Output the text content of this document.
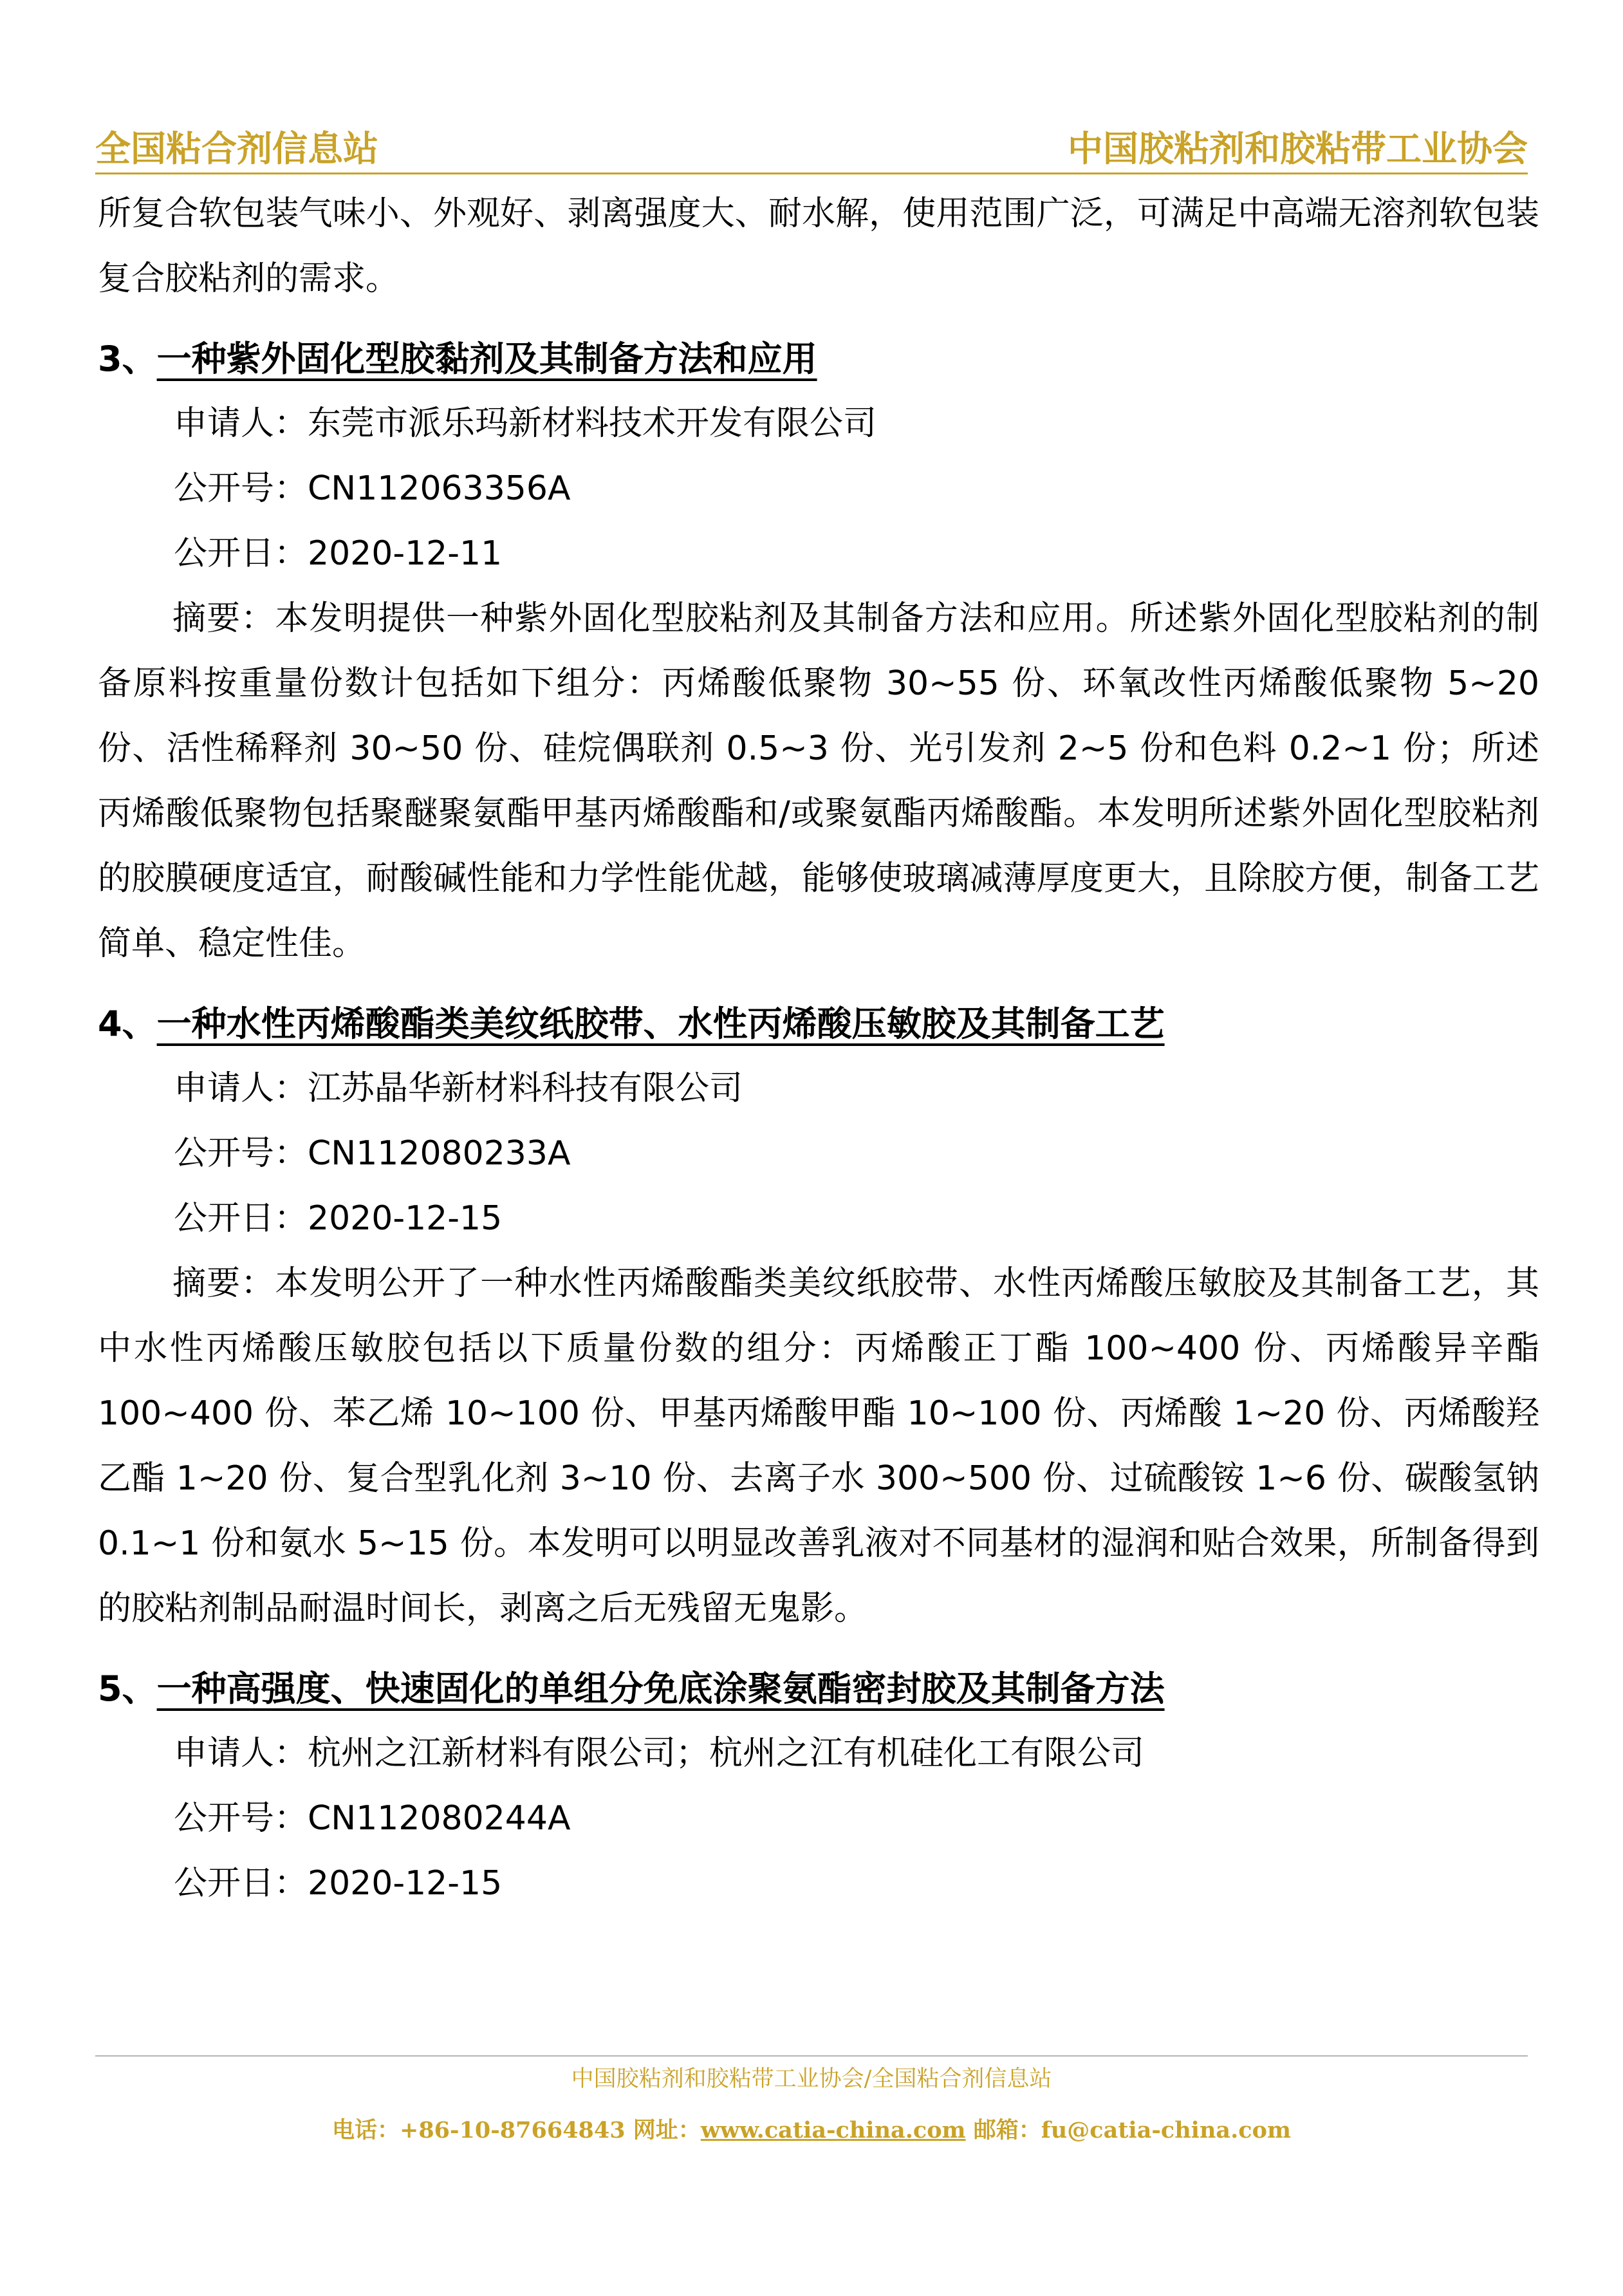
全国粘合剂信息站	中国胶粘剂和胶粘带工业协会

所复合软包装气味小、外观好、剥离强度大、耐水解，使用范围广泛，可满足中高端无溶剂软包装复合胶粘剂的需求。

3、一种紫外固化型胶黏剂及其制备方法和应用

申请人：东莞市派乐玛新材料技术开发有限公司

公开号：CN112063356A

公开日：2020-12-11

摘要：本发明提供一种紫外固化型胶粘剂及其制备方法和应用。所述紫外固化型胶粘剂的制备原料按重量份数计包括如下组分：丙烯酸低聚物 30~55 份、环氧改性丙烯酸低聚物 5~20 份、活性稀释剂 30~50 份、硅烷偶联剂 0.5~3 份、光引发剂 2~5 份和色料 0.2~1 份；所述丙烯酸低聚物包括聚醚聚氨酯甲基丙烯酸酯和/或聚氨酯丙烯酸酯。本发明所述紫外固化型胶粘剂的胶膜硬度适宜，耐酸碱性能和力学性能优越，能够使玻璃减薄厚度更大，且除胶方便，制备工艺简单、稳定性佳。

4、一种水性丙烯酸酯类美纹纸胶带、水性丙烯酸压敏胶及其制备工艺

申请人：江苏晶华新材料科技有限公司

公开号：CN112080233A

公开日：2020-12-15

摘要：本发明公开了一种水性丙烯酸酯类美纹纸胶带、水性丙烯酸压敏胶及其制备工艺，其中水性丙烯酸压敏胶包括以下质量份数的组分：丙烯酸正丁酯 100~400 份、丙烯酸异辛酯 100~400 份、苯乙烯 10~100 份、甲基丙烯酸甲酯 10~100 份、丙烯酸 1~20 份、丙烯酸羟乙酯 1~20 份、复合型乳化剂 3~10 份、去离子水 300~500 份、过硫酸铵 1~6 份、碳酸氢钠 0.1~1 份和氨水 5~15 份。本发明可以明显改善乳液对不同基材的湿润和贴合效果，所制备得到的胶粘剂制品耐温时间长，剥离之后无残留无鬼影。

5、一种高强度、快速固化的单组分免底涂聚氨酯密封胶及其制备方法

申请人：杭州之江新材料有限公司；杭州之江有机硅化工有限公司

公开号：CN112080244A

公开日：2020-12-15

中国胶粘剂和胶粘带工业协会/全国粘合剂信息站
电话：+86-10-87664843 网址：www.catia-china.com 邮箱：fu@catia-china.com
